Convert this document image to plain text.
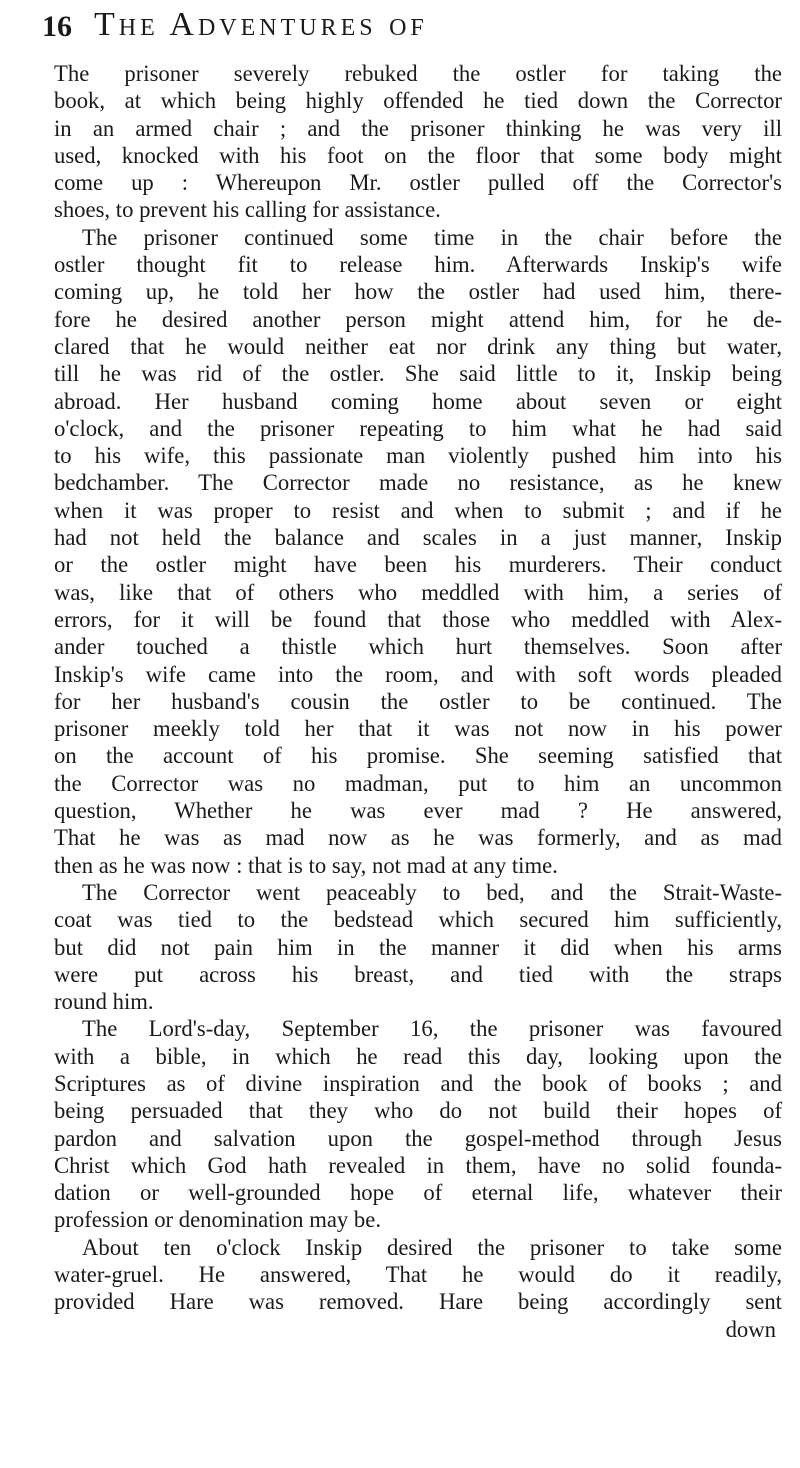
16 The Adventures of
The prisoner severely rebuked the ostler for taking the
book, at which being highly offended he tied down the Corrector
in an armed chair ; and the prisoner thinking he was very ill
used, knocked with his foot on the floor that some body might
come up : Whereupon Mr. ostler pulled off the Corrector's
shoes, to prevent his calling for assistance.
The prisoner continued some time in the chair before the
ostler thought fit to release him. Afterwards Inskip's wife
coming up, he told her how the ostler had used him, there-
fore he desired another person might attend him, for he de-
clared that he would neither eat nor drink any thing but water,
till he was rid of the ostler. She said little to it, Inskip being
abroad. Her husband coming home about seven or eight
o'clock, and the prisoner repeating to him what he had said
to his wife, this passionate man violently pushed him into his
bedchamber. The Corrector made no resistance, as he knew
when it was proper to resist and when to submit ; and if he
had not held the balance and scales in a just manner, Inskip
or the ostler might have been his murderers. Their conduct
was, like that of others who meddled with him, a series of
errors, for it will be found that those who meddled with Alex-
ander touched a thistle which hurt themselves. Soon after
Inskip's wife came into the room, and with soft words pleaded
for her husband's cousin the ostler to be continued. The
prisoner meekly told her that it was not now in his power
on the account of his promise. She seeming satisfied that
the Corrector was no madman, put to him an uncommon
question, Whether he was ever mad ? He answered,
That he was as mad now as he was formerly, and as mad
then as he was now : that is to say, not mad at any time.
The Corrector went peaceably to bed, and the Strait-Waste-
coat was tied to the bedstead which secured him sufficiently,
but did not pain him in the manner it did when his arms
were put across his breast, and tied with the straps
round him.
The Lord's-day, September 16, the prisoner was favoured
with a bible, in which he read this day, looking upon the
Scriptures as of divine inspiration and the book of books ; and
being persuaded that they who do not build their hopes of
pardon and salvation upon the gospel-method through Jesus
Christ which God hath revealed in them, have no solid founda-
dation or well-grounded hope of eternal life, whatever their
profession or denomination may be.
About ten o'clock Inskip desired the prisoner to take some
water-gruel. He answered, That he would do it readily,
provided Hare was removed. Hare being accordingly sent
down
